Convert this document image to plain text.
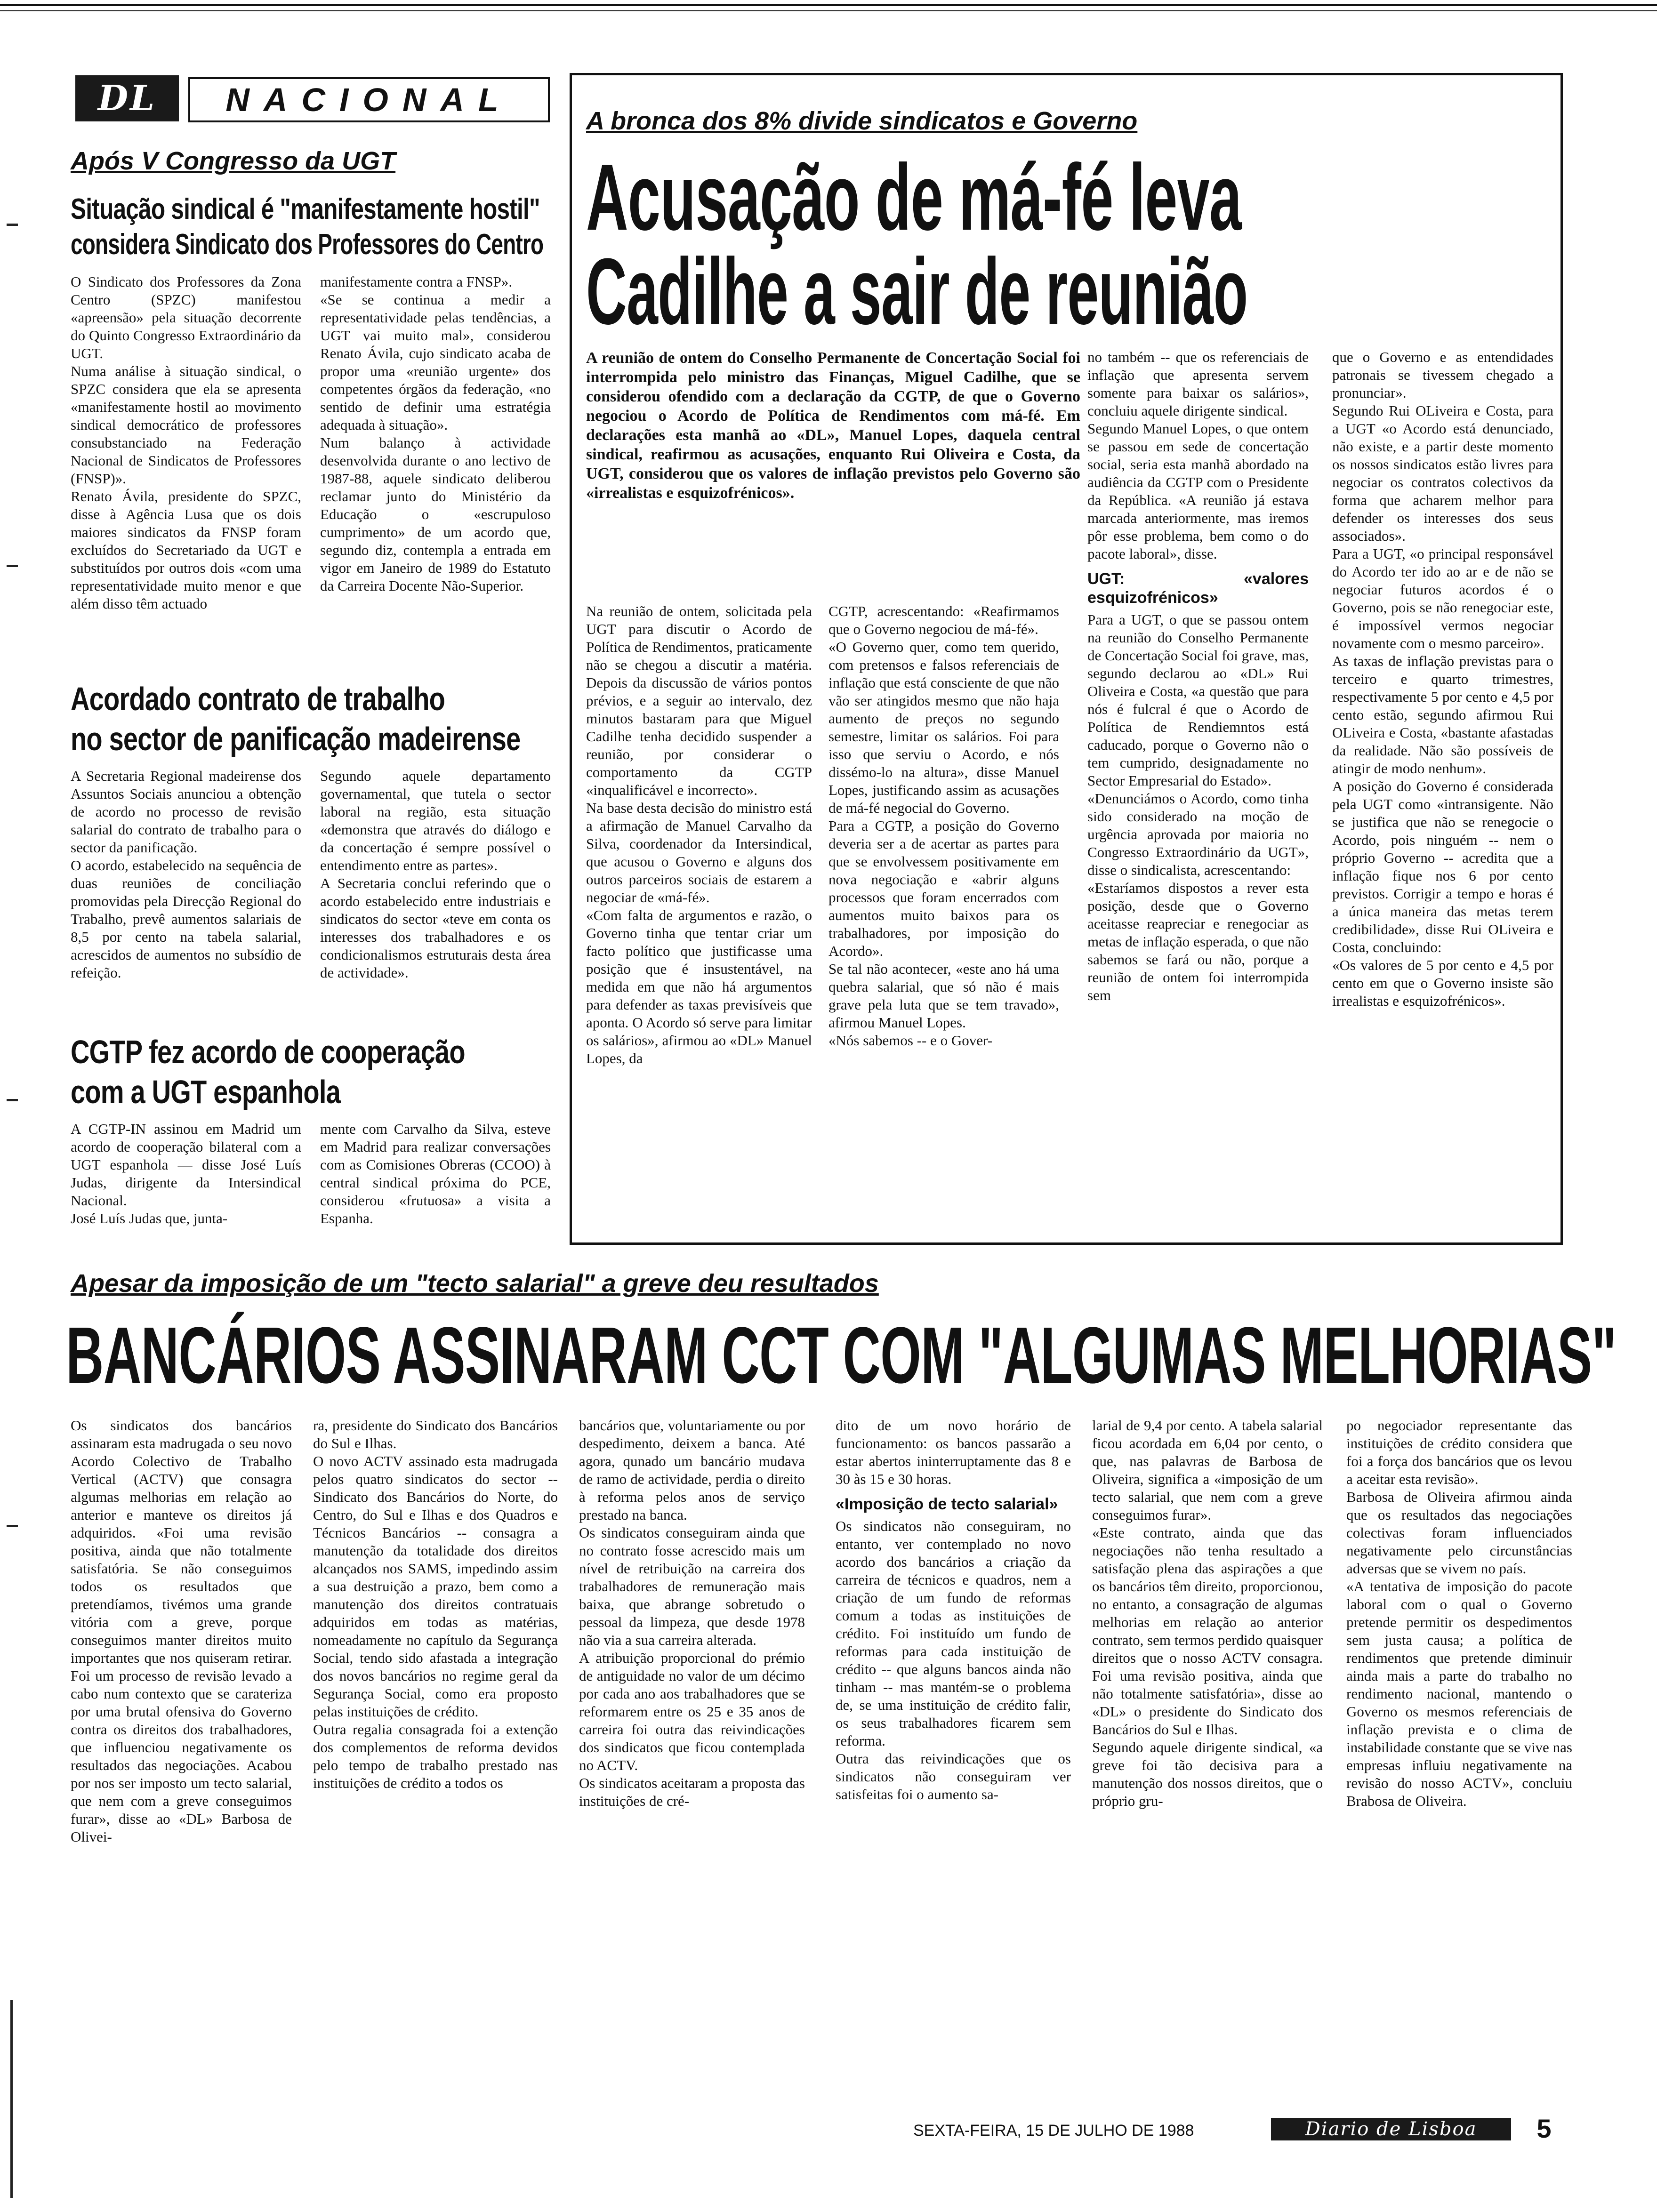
DL	NACIONAL
Após V Congresso da UGT
Situação sindical é "manifestamente hostil"
considera Sindicato dos Professores do Centro
O Sindicato dos Professores da Zona Centro (SPZC) manifestou «apreensão» pela situação decorrente do Quinto Congresso Extraordinário da UGT.
Numa análise à situação sindical, o SPZC considera que ela se apresenta «manifestamente hostil ao movimento sindical democrático de professores consubstanciado na Federação Nacional de Sindicatos de Professores (FNSP)».
Renato Ávila, presidente do SPZC, disse à Agência Lusa que os dois maiores sindicatos da FNSP foram excluídos do Secretariado da UGT e substituídos por outros dois «com uma representatividade muito menor e que além disso têm actuado
manifestamente contra a FNSP».
«Se se continua a medir a representatividade pelas tendências, a UGT vai muito mal», considerou Renato Ávila, cujo sindicato acaba de propor uma «reunião urgente» dos competentes órgãos da federação, «no sentido de definir uma estratégia adequada à situação».
Num balanço à actividade desenvolvida durante o ano lectivo de 1987-88, aquele sindicato deliberou reclamar junto do Ministério da Educação o «escrupuloso cumprimento» de um acordo que, segundo diz, contempla a entrada em vigor em Janeiro de 1989 do Estatuto da Carreira Docente Não-Superior.
Acordado contrato de trabalho
no sector de panificação madeirense
A Secretaria Regional madeirense dos Assuntos Sociais anunciou a obtenção de acordo no processo de revisão salarial do contrato de trabalho para o sector da panificação.
O acordo, estabelecido na sequência de duas reuniões de conciliação promovidas pela Direcção Regional do Trabalho, prevê aumentos salariais de 8,5 por cento na tabela salarial, acrescidos de aumentos no subsídio de refeição.
Segundo aquele departamento governamental, que tutela o sector laboral na região, esta situação «demonstra que através do diálogo e da concertação é sempre possível o entendimento entre as partes».
A Secretaria conclui referindo que o acordo estabelecido entre industriais e sindicatos do sector «teve em conta os interesses dos trabalhadores e os condicionalismos estruturais desta área de actividade».
CGTP fez acordo de cooperação
com a UGT espanhola
A CGTP-IN assinou em Madrid um acordo de cooperação bilateral com a UGT espanhola — disse José Luís Judas, dirigente da Intersindical Nacional.
José Luís Judas que, junta-
mente com Carvalho da Silva, esteve em Madrid para realizar conversações com as Comisiones Obreras (CCOO) à central sindical próxima do PCE, considerou «frutuosa» a visita a Espanha.
A bronca dos 8% divide sindicatos e Governo
Acusação de má-fé leva
Cadilhe a sair de reunião
A reunião de ontem do Conselho Permanente de Concertação Social foi interrompida pelo ministro das Finanças, Miguel Cadilhe, que se considerou ofendido com a declaração da CGTP, de que o Governo negociou o Acordo de Política de Rendimentos com má-fé. Em declarações esta manhã ao «DL», Manuel Lopes, daquela central sindical, reafirmou as acusações, enquanto Rui Oliveira e Costa, da UGT, considerou que os valores de inflação previstos pelo Governo são «irrealistas e esquizofrénicos».
Na reunião de ontem, solicitada pela UGT para discutir o Acordo de Política de Rendimentos, praticamente não se chegou a discutir a matéria. Depois da discussão de vários pontos prévios, e a seguir ao intervalo, dez minutos bastaram para que Miguel Cadilhe tenha decidido suspender a reunião, por considerar o comportamento da CGTP «inqualificável e incorrecto».
Na base desta decisão do ministro está a afirmação de Manuel Carvalho da Silva, coordenador da Intersindical, que acusou o Governo e alguns dos outros parceiros sociais de estarem a negociar de «má-fé».
«Com falta de argumentos e razão, o Governo tinha que tentar criar um facto político que justificasse uma posição que é insustentável, na medida em que não há argumentos para defender as taxas previsíveis que aponta. O Acordo só serve para limitar os salários», afirmou ao «DL» Manuel Lopes, da
CGTP, acrescentando: «Reafirmamos que o Governo negociou de má-fé».
«O Governo quer, como tem querido, com pretensos e falsos referenciais de inflação que está consciente de que não vão ser atingidos mesmo que não haja aumento de preços no segundo semestre, limitar os salários. Foi para isso que serviu o Acordo, e nós dissémo-lo na altura», disse Manuel Lopes, justificando assim as acusações de má-fé negocial do Governo.
Para a CGTP, a posição do Governo deveria ser a de acertar as partes para que se envolvessem positivamente em nova negociação e «abrir alguns processos que foram encerrados com aumentos muito baixos para os trabalhadores, por imposição do Acordo».
Se tal não acontecer, «este ano há uma quebra salarial, que só não é mais grave pela luta que se tem travado», afirmou Manuel Lopes.
«Nós sabemos -- e o Gover-
no também -- que os referenciais de inflação que apresenta servem somente para baixar os salários», concluiu aquele dirigente sindical.
Segundo Manuel Lopes, o que ontem se passou em sede de concertação social, seria esta manhã abordado na audiência da CGTP com o Presidente da República. «A reunião já estava marcada anteriormente, mas iremos pôr esse problema, bem como o do pacote laboral», disse.
UGT: «valores esquizofrénicos»
Para a UGT, o que se passou ontem na reunião do Conselho Permanente de Concertação Social foi grave, mas, segundo declarou ao «DL» Rui Oliveira e Costa, «a questão que para nós é fulcral é que o Acordo de Política de Rendiemntos está caducado, porque o Governo não o tem cumprido, designadamente no Sector Empresarial do Estado».
«Denunciámos o Acordo, como tinha sido considerado na moção de urgência aprovada por maioria no Congresso Extraordinário da UGT», disse o sindicalista, acrescentando:
«Estaríamos dispostos a rever esta posição, desde que o Governo aceitasse reapreciar e renegociar as metas de inflação esperada, o que não sabemos se fará ou não, porque a reunião de ontem foi interrompida sem
que o Governo e as entendidades patronais se tivessem chegado a pronunciar».
Segundo Rui OLiveira e Costa, para a UGT «o Acordo está denunciado, não existe, e a partir deste momento os nossos sindicatos estão livres para negociar os contratos colectivos da forma que acharem melhor para defender os interesses dos seus associados».
Para a UGT, «o principal responsável do Acordo ter ido ao ar e de não se negociar futuros acordos é o Governo, pois se não renegociar este, é impossível vermos negociar novamente com o mesmo parceiro».
As taxas de inflação previstas para o terceiro e quarto trimestres, respectivamente 5 por cento e 4,5 por cento estão, segundo afirmou Rui OLiveira e Costa, «bastante afastadas da realidade. Não são possíveis de atingir de modo nenhum».
A posição do Governo é considerada pela UGT como «intransigente. Não se justifica que não se renegocie o Acordo, pois ninguém -- nem o próprio Governo -- acredita que a inflação fique nos 6 por cento previstos. Corrigir a tempo e horas é a única maneira das metas terem credibilidade», disse Rui OLiveira e Costa, concluindo:
«Os valores de 5 por cento e 4,5 por cento em que o Governo insiste são irrealistas e esquizofrénicos».
Apesar da imposição de um "tecto salarial" a greve deu resultados
BANCÁRIOS ASSINARAM CCT COM "ALGUMAS MELHORIAS"
Os sindicatos dos bancários assinaram esta madrugada o seu novo Acordo Colectivo de Trabalho Vertical (ACTV) que consagra algumas melhorias em relação ao anterior e manteve os direitos já adquiridos. «Foi uma revisão positiva, ainda que não totalmente satisfatória. Se não conseguimos todos os resultados que pretendíamos, tivémos uma grande vitória com a greve, porque conseguimos manter direitos muito importantes que nos quiseram retirar. Foi um processo de revisão levado a cabo num contexto que se carateriza por uma brutal ofensiva do Governo contra os direitos dos trabalhadores, que influenciou negativamente os resultados das negociações. Acabou por nos ser imposto um tecto salarial, que nem com a greve conseguimos furar», disse ao «DL» Barbosa de Olivei-
ra, presidente do Sindicato dos Bancários do Sul e Ilhas.
O novo ACTV assinado esta madrugada pelos quatro sindicatos do sector -- Sindicato dos Bancários do Norte, do Centro, do Sul e Ilhas e dos Quadros e Técnicos Bancários -- consagra a manutenção da totalidade dos direitos alcançados nos SAMS, impedindo assim a sua destruição a prazo, bem como a manutenção dos direitos contratuais adquiridos em todas as matérias, nomeadamente no capítulo da Segurança Social, tendo sido afastada a integração dos novos bancários no regime geral da Segurança Social, como era proposto pelas instituições de crédito.
Outra regalia consagrada foi a extenção dos complementos de reforma devidos pelo tempo de trabalho prestado nas instituições de crédito a todos os
bancários que, voluntariamente ou por despedimento, deixem a banca. Até agora, qunado um bancário mudava de ramo de actividade, perdia o direito à reforma pelos anos de serviço prestado na banca.
Os sindicatos conseguiram ainda que no contrato fosse acrescido mais um nível de retribuição na carreira dos trabalhadores de remuneração mais baixa, que abrange sobretudo o pessoal da limpeza, que desde 1978 não via a sua carreira alterada.
A atribuição proporcional do prémio de antiguidade no valor de um décimo por cada ano aos trabalhadores que se reformarem entre os 25 e 35 anos de carreira foi outra das reivindicações dos sindicatos que ficou contemplada no ACTV.
Os sindicatos aceitaram a proposta das instituições de cré-
dito de um novo horário de funcionamento: os bancos passarão a estar abertos ininterruptamente das 8 e 30 às 15 e 30 horas.
«Imposição de tecto salarial»
Os sindicatos não conseguiram, no entanto, ver contemplado no novo acordo dos bancários a criação da carreira de técnicos e quadros, nem a criação de um fundo de reformas comum a todas as instituições de crédito. Foi instituído um fundo de reformas para cada instituição de crédito -- que alguns bancos ainda não tinham -- mas mantém-se o problema de, se uma instituição de crédito falir, os seus trabalhadores ficarem sem reforma.
Outra das reivindicações que os sindicatos não conseguiram ver satisfeitas foi o aumento sa-
larial de 9,4 por cento. A tabela salarial ficou acordada em 6,04 por cento, o que, nas palavras de Barbosa de Oliveira, significa a «imposição de um tecto salarial, que nem com a greve conseguimos furar».
«Este contrato, ainda que das negociações não tenha resultado a satisfação plena das aspirações a que os bancários têm direito, proporcionou, no entanto, a consagração de algumas melhorias em relação ao anterior contrato, sem termos perdido quaisquer direitos que o nosso ACTV consagra. Foi uma revisão positiva, ainda que não totalmente satisfatória», disse ao «DL» o presidente do Sindicato dos Bancários do Sul e Ilhas.
Segundo aquele dirigente sindical, «a greve foi tão decisiva para a manutenção dos nossos direitos, que o próprio gru-
po negociador representante das instituições de crédito considera que foi a força dos bancários que os levou a aceitar esta revisão».
Barbosa de Oliveira afirmou ainda que os resultados das negociações colectivas foram influenciados negativamente pelo circunstâncias adversas que se vivem no país.
«A tentativa de imposição do pacote laboral com o qual o Governo pretende permitir os despedimentos sem justa causa; a política de rendimentos que pretende diminuir ainda mais a parte do trabalho no rendimento nacional, mantendo o Governo os mesmos referenciais de inflação prevista e o clima de instabilidade constante que se vive nas empresas influiu negativamente na revisão do nosso ACTV», concluiu Brabosa de Oliveira.
SEXTA-FEIRA, 15 DE JULHO DE 1988	Diario de Lisboa	5
